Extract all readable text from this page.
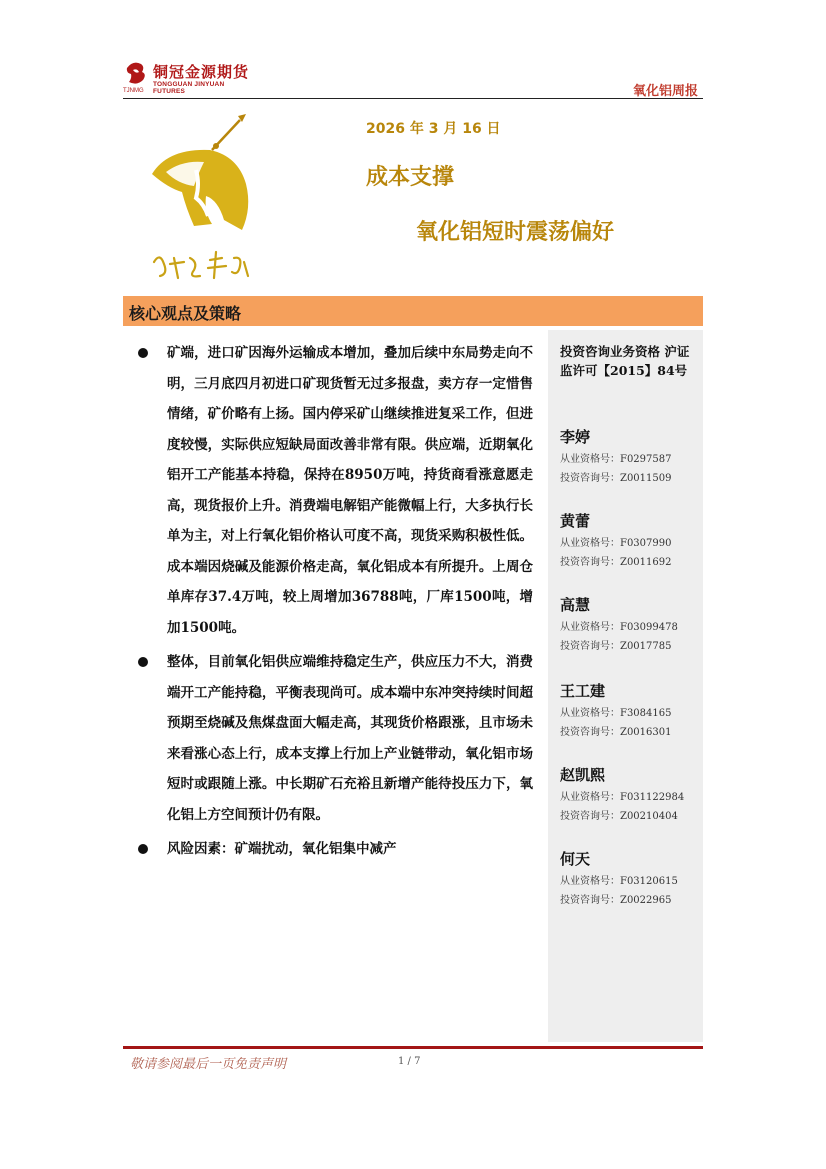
铜冠金源期货
TONGGUAN JINYUAN FUTURES
TJNMG	氧化铝周报
2026 年 3 月 16 日
成本支撑
氧化铝短时震荡偏好
核心观点及策略

矿端，进口矿因海外运输成本增加，叠加后续中东局势走向不明，三月底四月初进口矿现货暂无过多报盘，卖方存一定惜售情绪，矿价略有上扬。国内停采矿山继续推进复采工作，但进度较慢，实际供应短缺局面改善非常有限。供应端，近期氧化铝开工产能基本持稳，保持在8950万吨，持货商看涨意愿走高，现货报价上升。消费端电解铝产能微幅上行，大多执行长单为主，对上行氧化铝价格认可度不高，现货采购积极性低。成本端因烧碱及能源价格走高，氧化铝成本有所提升。上周仓单库存37.4万吨，较上周增加36788吨，厂库1500吨，增加1500吨。

整体，目前氧化铝供应端维持稳定生产，供应压力不大，消费端开工产能持稳，平衡表现尚可。成本端中东冲突持续时间超预期至烧碱及焦煤盘面大幅走高，其现货价格跟涨，且市场未来看涨心态上行，成本支撑上行加上产业链带动，氧化铝市场短时或跟随上涨。中长期矿石充裕且新增产能待投压力下，氧化铝上方空间预计仍有限。

风险因素：矿端扰动，氧化铝集中减产

投资咨询业务资格 沪证监许可【2015】84号
李婷
从业资格号：F0297587
投资咨询号：Z0011509
黄蕾
从业资格号：F0307990
投资咨询号：Z0011692
高慧
从业资格号：F03099478
投资咨询号：Z0017785
王工建
从业资格号：F3084165
投资咨询号：Z0016301
赵凯熙
从业资格号：F031122984
投资咨询号：Z00210404
何天
从业资格号：F03120615
投资咨询号：Z0022965
敬请参阅最后一页免责声明	1 / 7
